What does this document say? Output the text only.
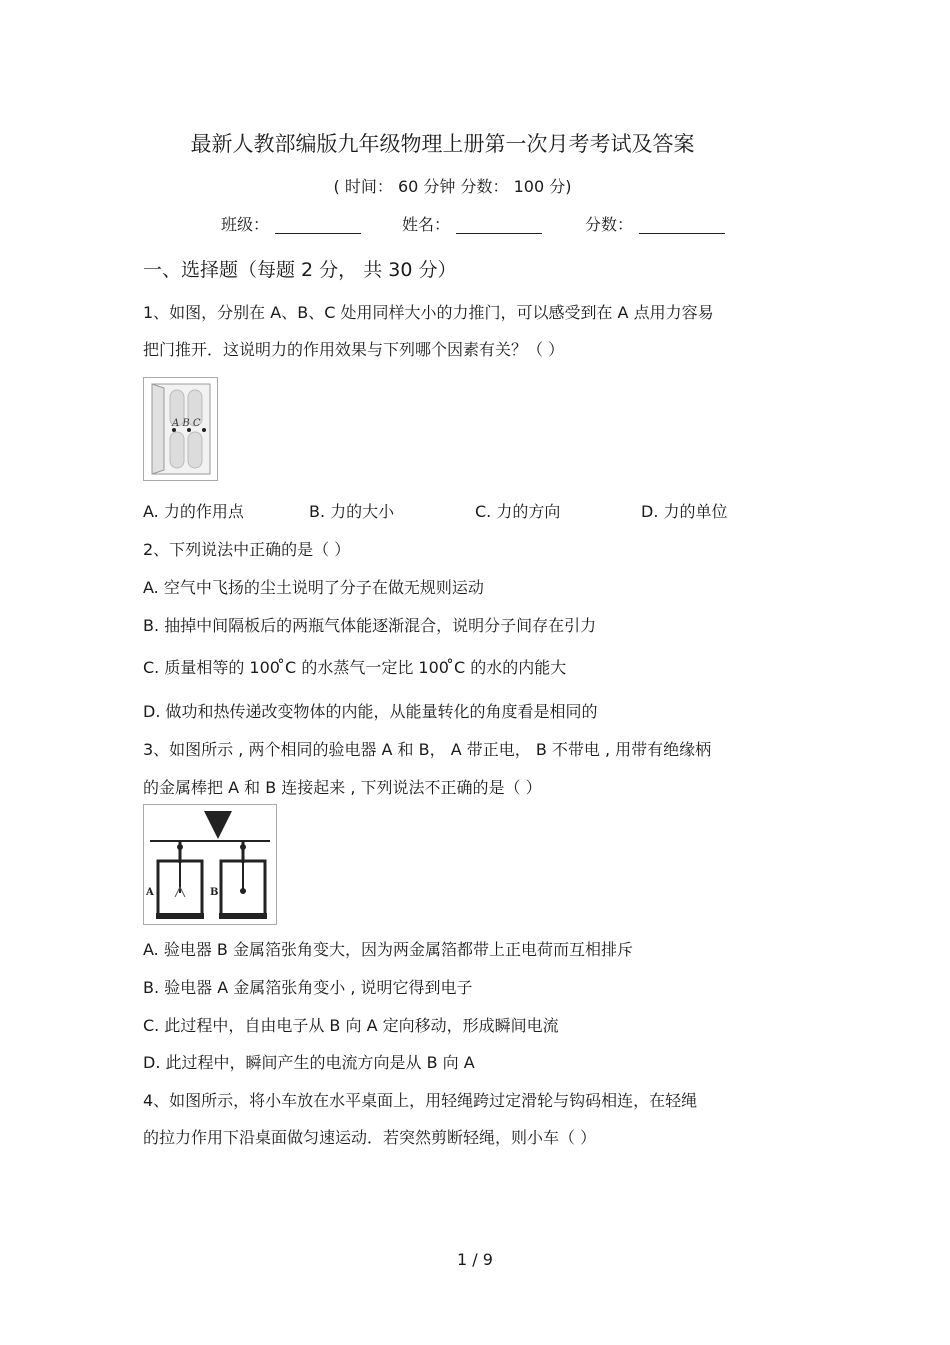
最新人教部编版九年级物理上册第一次月考考试及答案
( 时间： 60 分钟 分数： 100 分)
班级：	姓名：	分数：
一、选择题（每题 2 分， 共 30 分）
1、如图，分别在 A、B、C 处用同样大小的力推门，可以感受到在 A 点用力容易
把门推开．这说明力的作用效果与下列哪个因素有关？（ ）
A B C
A. 力的作用点	B. 力的大小	C. 力的方向	D. 力的单位
2、下列说法中正确的是（ ）
A. 空气中飞扬的尘土说明了分子在做无规则运动
B. 抽掉中间隔板后的两瓶气体能逐渐混合，说明分子间存在引力
C. 质量相等的 100 ̊C 的水蒸气一定比 100 ̊C 的水的内能大
D. 做功和热传递改变物体的内能，从能量转化的角度看是相同的
3、如图所示 , 两个相同的验电器 A 和 B， A 带正电， B 不带电 , 用带有绝缘柄
的金属棒把 A 和 B 连接起来 , 下列说法不正确的是（ ）
A	B
A. 验电器 B 金属箔张角变大，因为两金属箔都带上正电荷而互相排斥
B. 验电器 A 金属箔张角变小 , 说明它得到电子
C. 此过程中，自由电子从 B 向 A 定向移动，形成瞬间电流
D. 此过程中，瞬间产生的电流方向是从 B 向 A
4、如图所示，将小车放在水平桌面上，用轻绳跨过定滑轮与钩码相连，在轻绳
的拉力作用下沿桌面做匀速运动．若突然剪断轻绳，则小车（ ）
1 / 9
